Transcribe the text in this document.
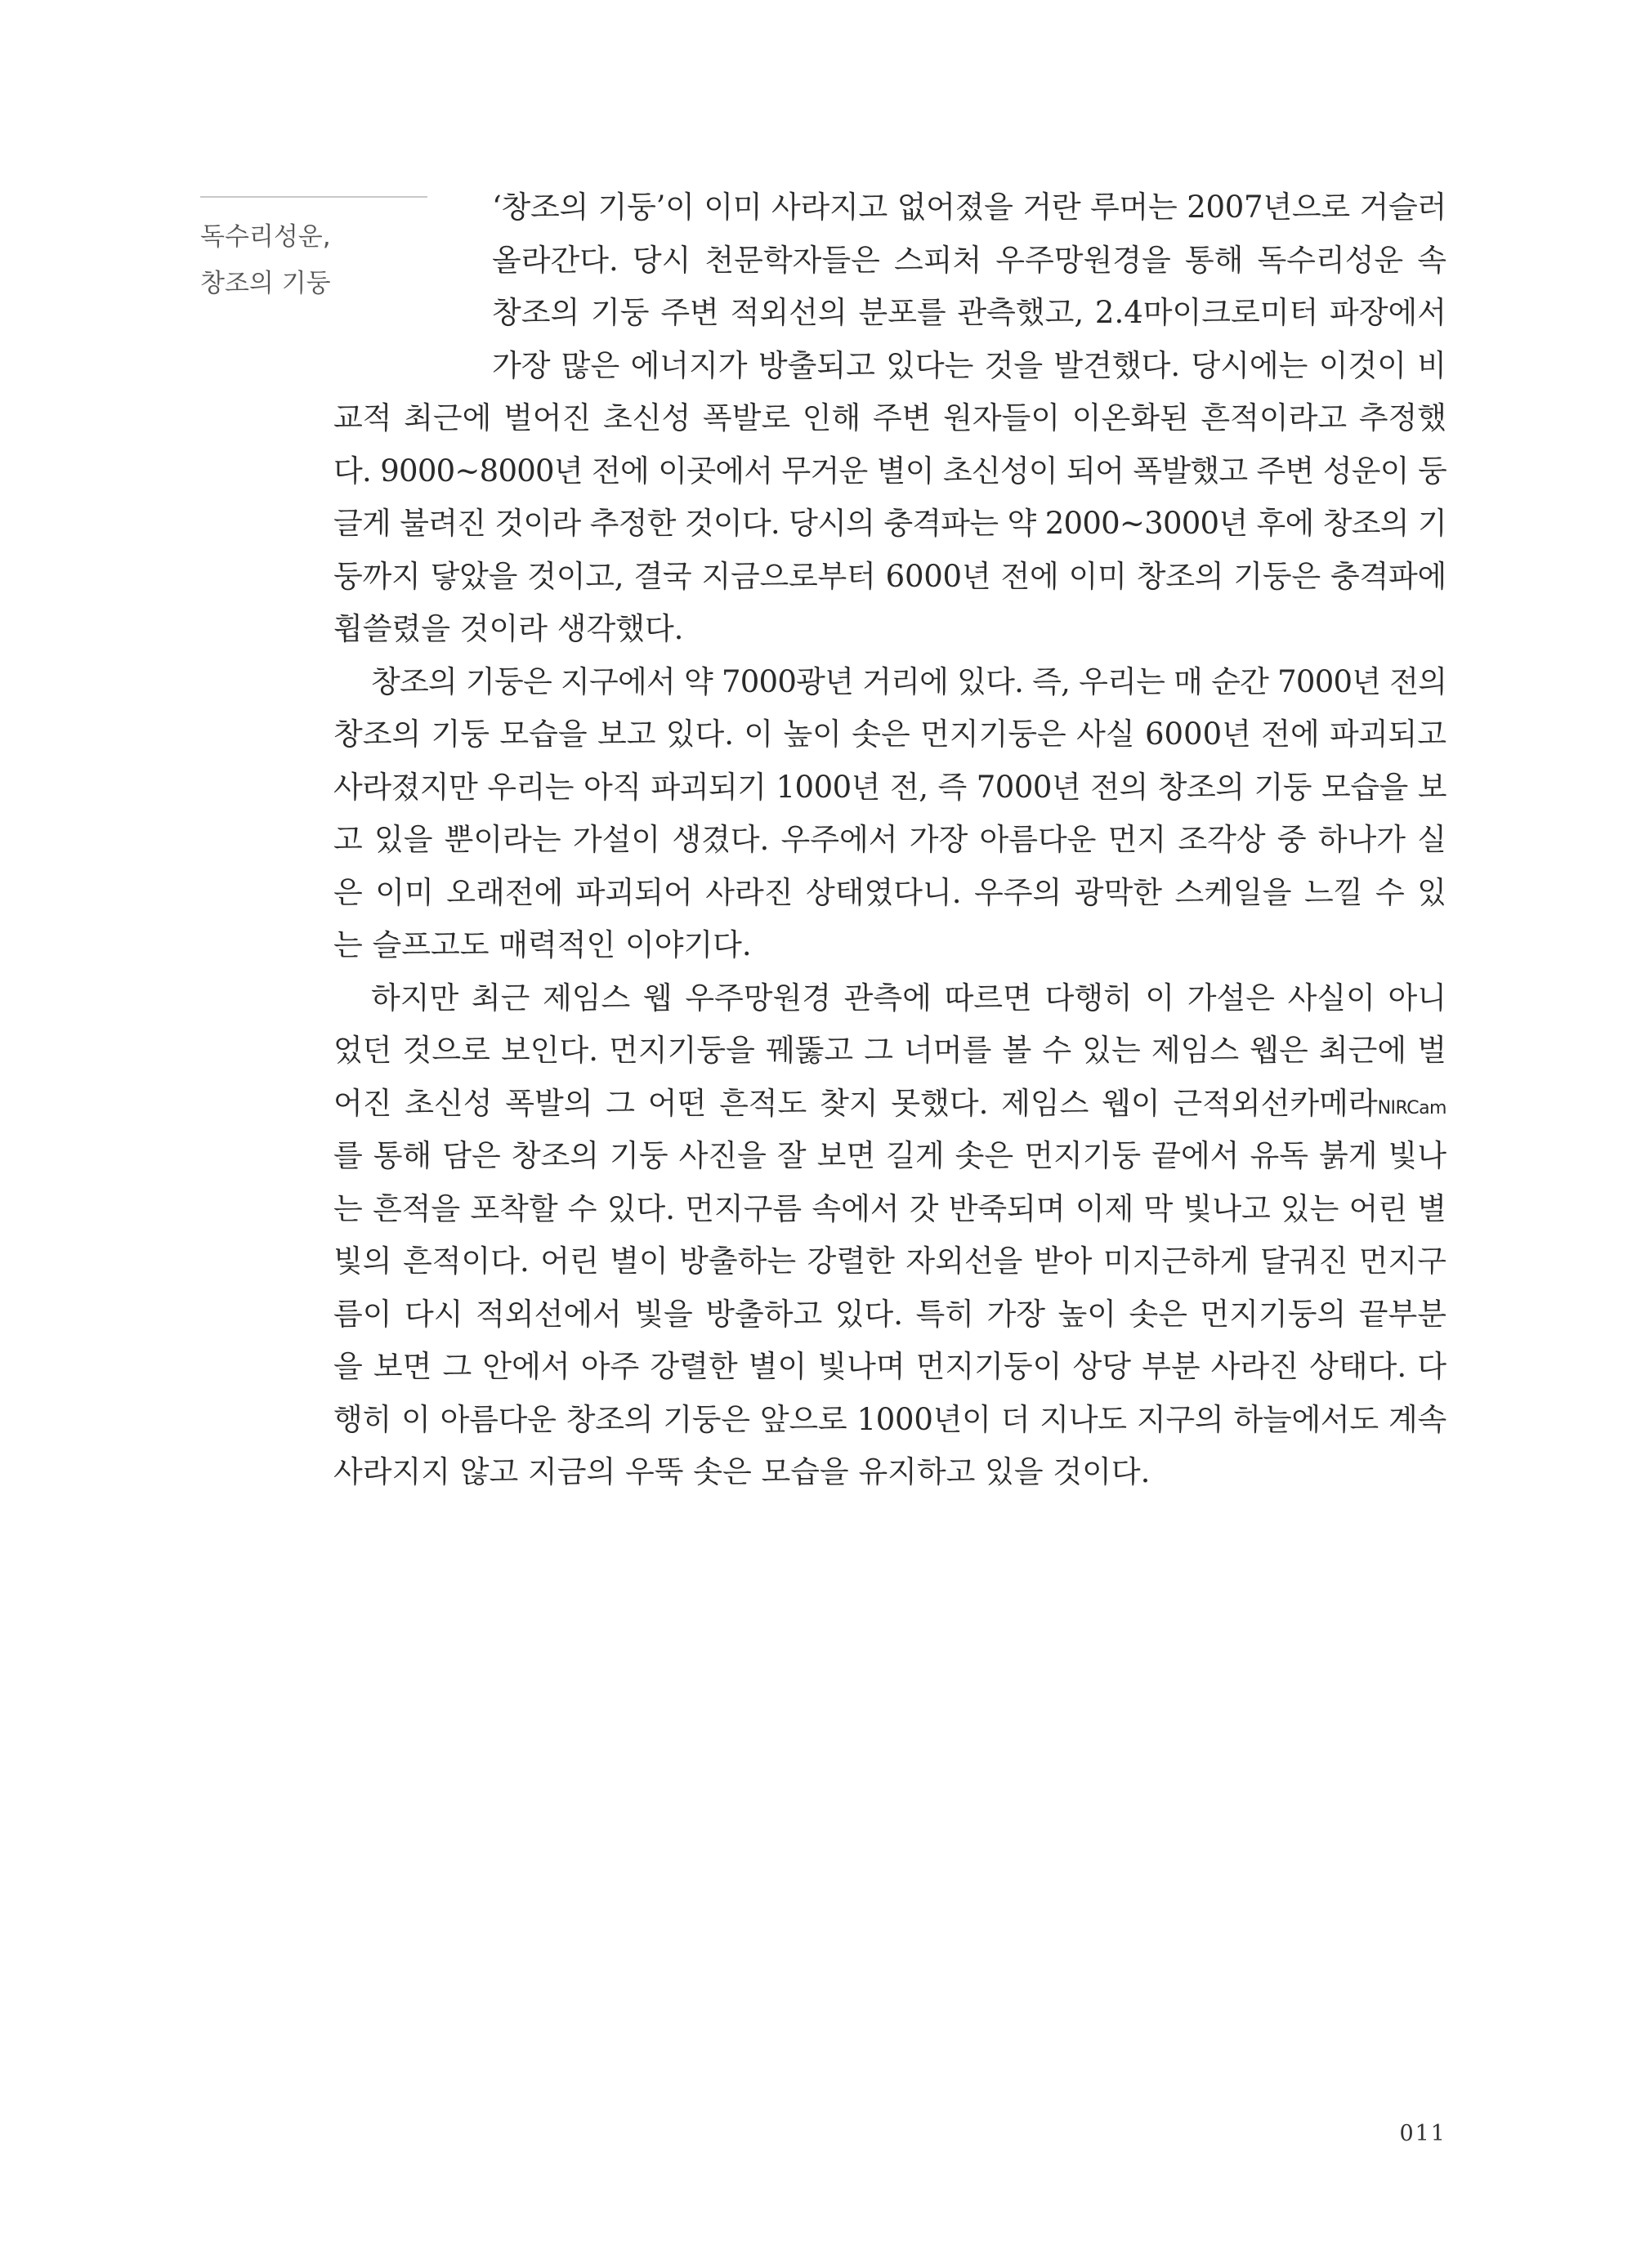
독수리성운,
창조의 기둥
‘창조의 기둥’이 이미 사라지고 없어졌을 거란 루머는 2007년으로 거슬러
올라간다. 당시 천문학자들은 스피처 우주망원경을 통해 독수리성운 속
창조의 기둥 주변 적외선의 분포를 관측했고, 2.4마이크로미터 파장에서
가장 많은 에너지가 방출되고 있다는 것을 발견했다. 당시에는 이것이 비
교적 최근에 벌어진 초신성 폭발로 인해 주변 원자들이 이온화된 흔적이라고 추정했
다. 9000~8000년 전에 이곳에서 무거운 별이 초신성이 되어 폭발했고 주변 성운이 둥
글게 불려진 것이라 추정한 것이다. 당시의 충격파는 약 2000~3000년 후에 창조의 기
둥까지 닿았을 것이고, 결국 지금으로부터 6000년 전에 이미 창조의 기둥은 충격파에
휩쓸렸을 것이라 생각했다.
창조의 기둥은 지구에서 약 7000광년 거리에 있다. 즉, 우리는 매 순간 7000년 전의
창조의 기둥 모습을 보고 있다. 이 높이 솟은 먼지기둥은 사실 6000년 전에 파괴되고
사라졌지만 우리는 아직 파괴되기 1000년 전, 즉 7000년 전의 창조의 기둥 모습을 보
고 있을 뿐이라는 가설이 생겼다. 우주에서 가장 아름다운 먼지 조각상 중 하나가 실
은 이미 오래전에 파괴되어 사라진 상태였다니. 우주의 광막한 스케일을 느낄 수 있
는 슬프고도 매력적인 이야기다.
하지만 최근 제임스 웹 우주망원경 관측에 따르면 다행히 이 가설은 사실이 아니
었던 것으로 보인다. 먼지기둥을 꿰뚫고 그 너머를 볼 수 있는 제임스 웹은 최근에 벌
어진 초신성 폭발의 그 어떤 흔적도 찾지 못했다. 제임스 웹이 근적외선카메라NIRCam
를 통해 담은 창조의 기둥 사진을 잘 보면 길게 솟은 먼지기둥 끝에서 유독 붉게 빛나
는 흔적을 포착할 수 있다. 먼지구름 속에서 갓 반죽되며 이제 막 빛나고 있는 어린 별
빛의 흔적이다. 어린 별이 방출하는 강렬한 자외선을 받아 미지근하게 달궈진 먼지구
름이 다시 적외선에서 빛을 방출하고 있다. 특히 가장 높이 솟은 먼지기둥의 끝부분
을 보면 그 안에서 아주 강렬한 별이 빛나며 먼지기둥이 상당 부분 사라진 상태다. 다
행히 이 아름다운 창조의 기둥은 앞으로 1000년이 더 지나도 지구의 하늘에서도 계속
사라지지 않고 지금의 우뚝 솟은 모습을 유지하고 있을 것이다.
011
